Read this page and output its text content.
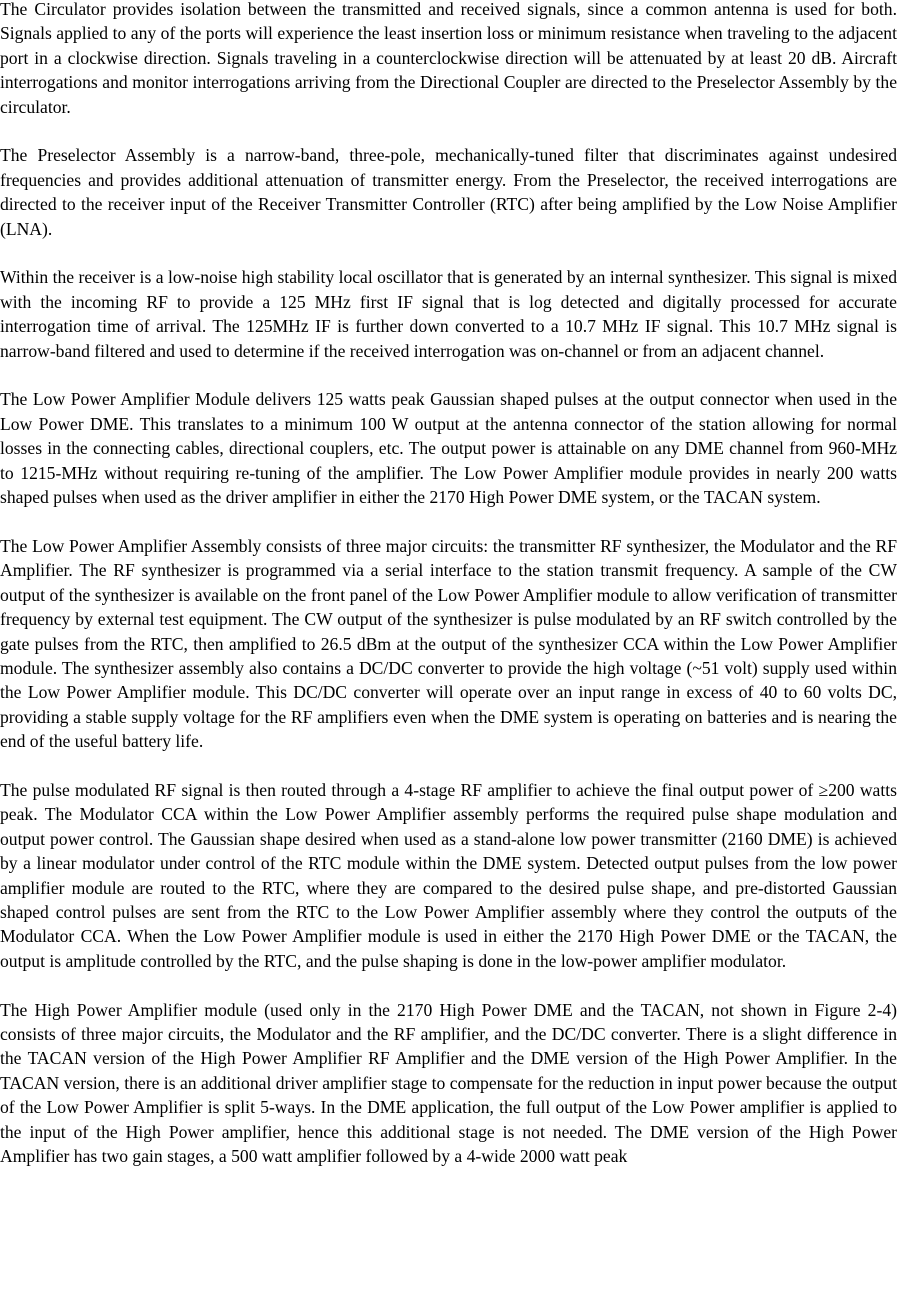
The Circulator provides isolation between the transmitted and received signals, since a common antenna is used for both. Signals applied to any of the ports will experience the least insertion loss or minimum resistance when traveling to the adjacent port in a clockwise direction. Signals traveling in a counterclockwise direction will be attenuated by at least 20 dB. Aircraft interrogations and monitor interrogations arriving from the Directional Coupler are directed to the Preselector Assembly by the circulator.

The Preselector Assembly is a narrow-band, three-pole, mechanically-tuned filter that discriminates against undesired frequencies and provides additional attenuation of transmitter energy. From the Preselector, the received interrogations are directed to the receiver input of the Receiver Transmitter Controller (RTC) after being amplified by the Low Noise Amplifier (LNA).

Within the receiver is a low-noise high stability local oscillator that is generated by an internal synthesizer. This signal is mixed with the incoming RF to provide a 125 MHz first IF signal that is log detected and digitally processed for accurate interrogation time of arrival. The 125MHz IF is further down converted to a 10.7 MHz IF signal. This 10.7 MHz signal is narrow-band filtered and used to determine if the received interrogation was on-channel or from an adjacent channel.

The Low Power Amplifier Module delivers 125 watts peak Gaussian shaped pulses at the output connector when used in the Low Power DME. This translates to a minimum 100 W output at the antenna connector of the station allowing for normal losses in the connecting cables, directional couplers, etc. The output power is attainable on any DME channel from 960-MHz to 1215-MHz without requiring re-tuning of the amplifier. The Low Power Amplifier module provides in nearly 200 watts shaped pulses when used as the driver amplifier in either the 2170 High Power DME system, or the TACAN system.

The Low Power Amplifier Assembly consists of three major circuits: the transmitter RF synthesizer, the Modulator and the RF Amplifier. The RF synthesizer is programmed via a serial interface to the station transmit frequency. A sample of the CW output of the synthesizer is available on the front panel of the Low Power Amplifier module to allow verification of transmitter frequency by external test equipment. The CW output of the synthesizer is pulse modulated by an RF switch controlled by the gate pulses from the RTC, then amplified to 26.5 dBm at the output of the synthesizer CCA within the Low Power Amplifier module. The synthesizer assembly also contains a DC/DC converter to provide the high voltage (~51 volt) supply used within the Low Power Amplifier module. This DC/DC converter will operate over an input range in excess of 40 to 60 volts DC, providing a stable supply voltage for the RF amplifiers even when the DME system is operating on batteries and is nearing the end of the useful battery life.

The pulse modulated RF signal is then routed through a 4-stage RF amplifier to achieve the final output power of ≥200 watts peak. The Modulator CCA within the Low Power Amplifier assembly performs the required pulse shape modulation and output power control. The Gaussian shape desired when used as a stand-alone low power transmitter (2160 DME) is achieved by a linear modulator under control of the RTC module within the DME system. Detected output pulses from the low power amplifier module are routed to the RTC, where they are compared to the desired pulse shape, and pre-distorted Gaussian shaped control pulses are sent from the RTC to the Low Power Amplifier assembly where they control the outputs of the Modulator CCA. When the Low Power Amplifier module is used in either the 2170 High Power DME or the TACAN, the output is amplitude controlled by the RTC, and the pulse shaping is done in the low-power amplifier modulator.

The High Power Amplifier module (used only in the 2170 High Power DME and the TACAN, not shown in Figure 2-4) consists of three major circuits, the Modulator and the RF amplifier, and the DC/DC converter. There is a slight difference in the TACAN version of the High Power Amplifier RF Amplifier and the DME version of the High Power Amplifier. In the TACAN version, there is an additional driver amplifier stage to compensate for the reduction in input power because the output of the Low Power Amplifier is split 5-ways. In the DME application, the full output of the Low Power amplifier is applied to the input of the High Power amplifier, hence this additional stage is not needed. The DME version of the High Power Amplifier has two gain stages, a 500 watt amplifier followed by a 4-wide 2000 watt peak
